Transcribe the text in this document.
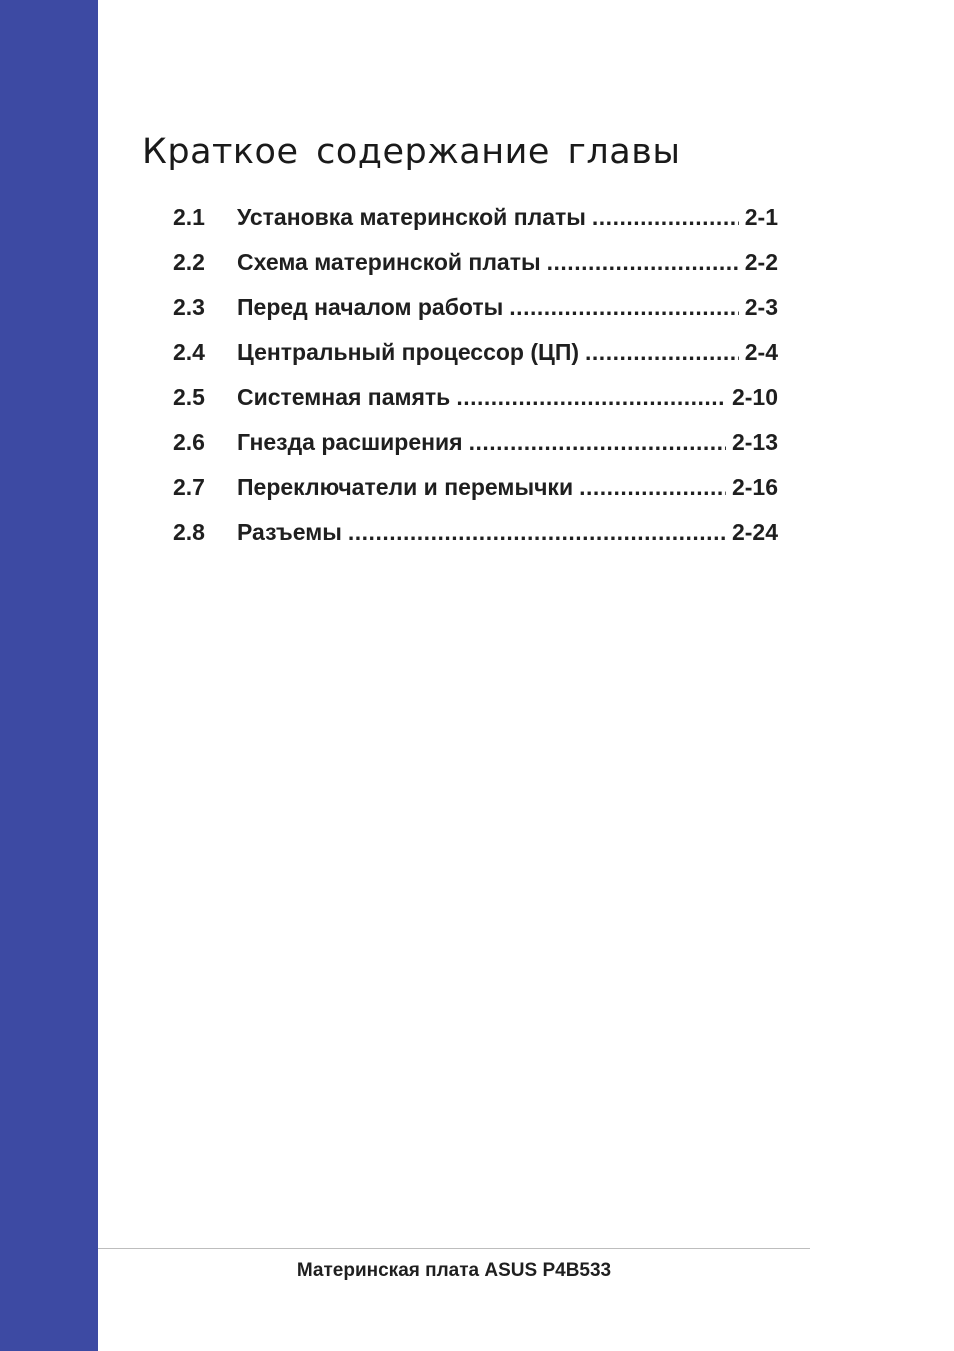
Краткое содержание главы
2.1	Установка материнской платы .....	2-1
2.2	Схема материнской платы .....	2-2
2.3	Перед началом работы .....	2-3
2.4	Центральный процессор (ЦП) .....	2-4
2.5	Системная память .....	2-10
2.6	Гнезда расширения .....	2-13
2.7	Переключатели и перемычки .....	2-16
2.8	Разъемы .....	2-24
Материнская плата ASUS P4B533
